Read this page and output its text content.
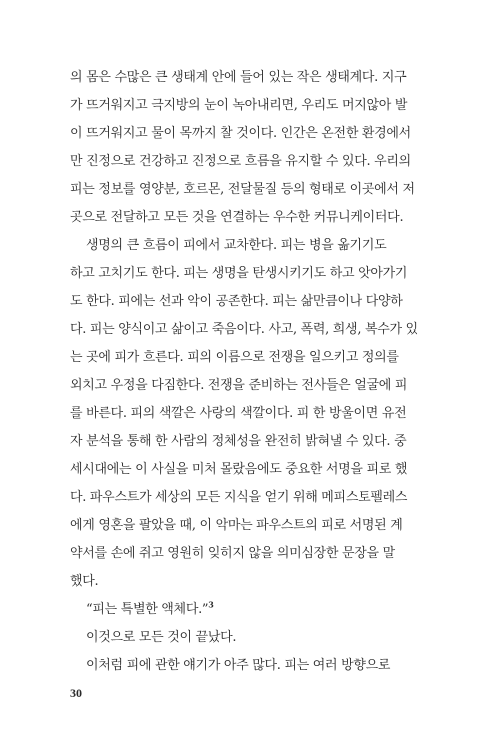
의 몸은 수많은 큰 생태계 안에 들어 있는 작은 생태계다. 지구
가 뜨거워지고 극지방의 눈이 녹아내리면, 우리도 머지않아 발
이 뜨거워지고 물이 목까지 찰 것이다. 인간은 온전한 환경에서
만 진정으로 건강하고 진정으로 흐름을 유지할 수 있다. 우리의
피는 정보를 영양분, 호르몬, 전달물질 등의 형태로 이곳에서 저
곳으로 전달하고 모든 것을 연결하는 우수한 커뮤니케이터다.
생명의 큰 흐름이 피에서 교차한다. 피는 병을 옮기기도
하고 고치기도 한다. 피는 생명을 탄생시키기도 하고 앗아가기
도 한다. 피에는 선과 악이 공존한다. 피는 삶만큼이나 다양하
다. 피는 양식이고 삶이고 죽음이다. 사고, 폭력, 희생, 복수가 있
는 곳에 피가 흐른다. 피의 이름으로 전쟁을 일으키고 정의를
외치고 우정을 다짐한다. 전쟁을 준비하는 전사들은 얼굴에 피
를 바른다. 피의 색깔은 사랑의 색깔이다. 피 한 방울이면 유전
자 분석을 통해 한 사람의 정체성을 완전히 밝혀낼 수 있다. 중
세시대에는 이 사실을 미처 몰랐음에도 중요한 서명을 피로 했
다. 파우스트가 세상의 모든 지식을 얻기 위해 메피스토펠레스
에게 영혼을 팔았을 때, 이 악마는 파우스트의 피로 서명된 계
약서를 손에 쥐고 영원히 잊히지 않을 의미심장한 문장을 말
했다.
“피는 특별한 액체다.”$^3$
이것으로 모든 것이 끝났다.
이처럼 피에 관한 얘기가 아주 많다. 피는 여러 방향으로
30
